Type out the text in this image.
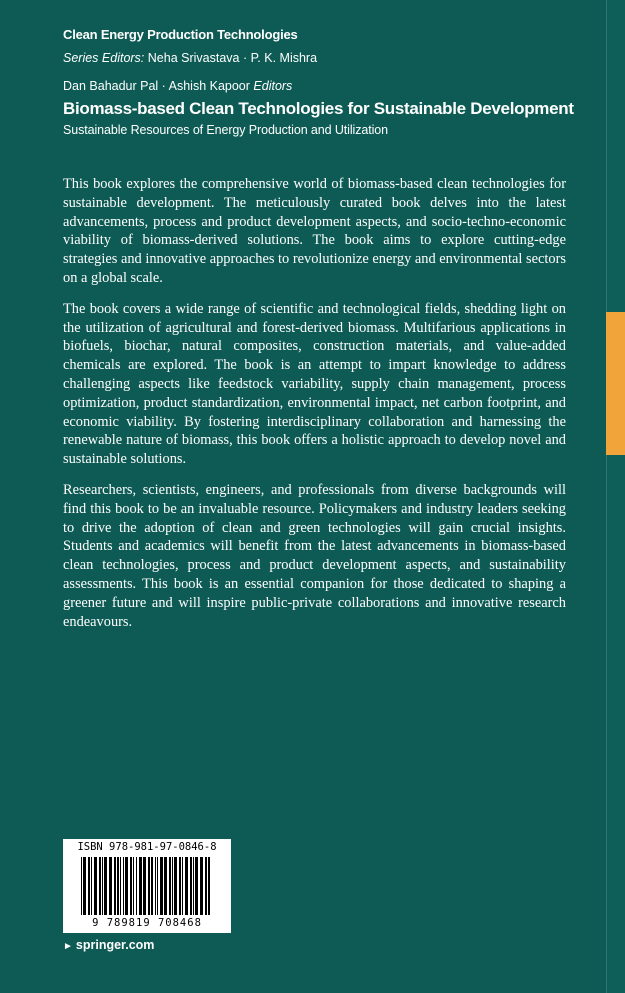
Clean Energy Production Technologies
Series Editors: Neha Srivastava · P. K. Mishra
Dan Bahadur Pal · Ashish Kapoor Editors
Biomass-based Clean Technologies for Sustainable Development
Sustainable Resources of Energy Production and Utilization

This book explores the comprehensive world of biomass-based clean technologies for sustainable development. The meticulously curated book delves into the latest advancements, process and product development aspects, and socio-techno-economic viability of biomass-derived solutions. The book aims to explore cutting-edge strategies and innovative approaches to revolutionize energy and environmental sectors on a global scale.

The book covers a wide range of scientific and technological fields, shedding light on the utilization of agricultural and forest-derived biomass. Multifarious applications in biofuels, biochar, natural composites, construction materials, and value-added chemicals are explored. The book is an attempt to impart knowledge to address challenging aspects like feedstock variability, supply chain management, process optimization, product standardization, environmental impact, net carbon footprint, and economic viability. By fostering interdisciplinary collaboration and harnessing the renewable nature of biomass, this book offers a holistic approach to develop novel and sustainable solutions.

Researchers, scientists, engineers, and professionals from diverse backgrounds will find this book to be an invaluable resource. Policymakers and industry leaders seeking to drive the adoption of clean and green technologies will gain crucial insights. Students and academics will benefit from the latest advancements in biomass-based clean technologies, process and product development aspects, and sustainability assessments. This book is an essential companion for those dedicated to shaping a greener future and will inspire public-private collaborations and innovative research endeavours.

ISBN 978-981-97-0846-8
9 789819 708468
► springer.com
